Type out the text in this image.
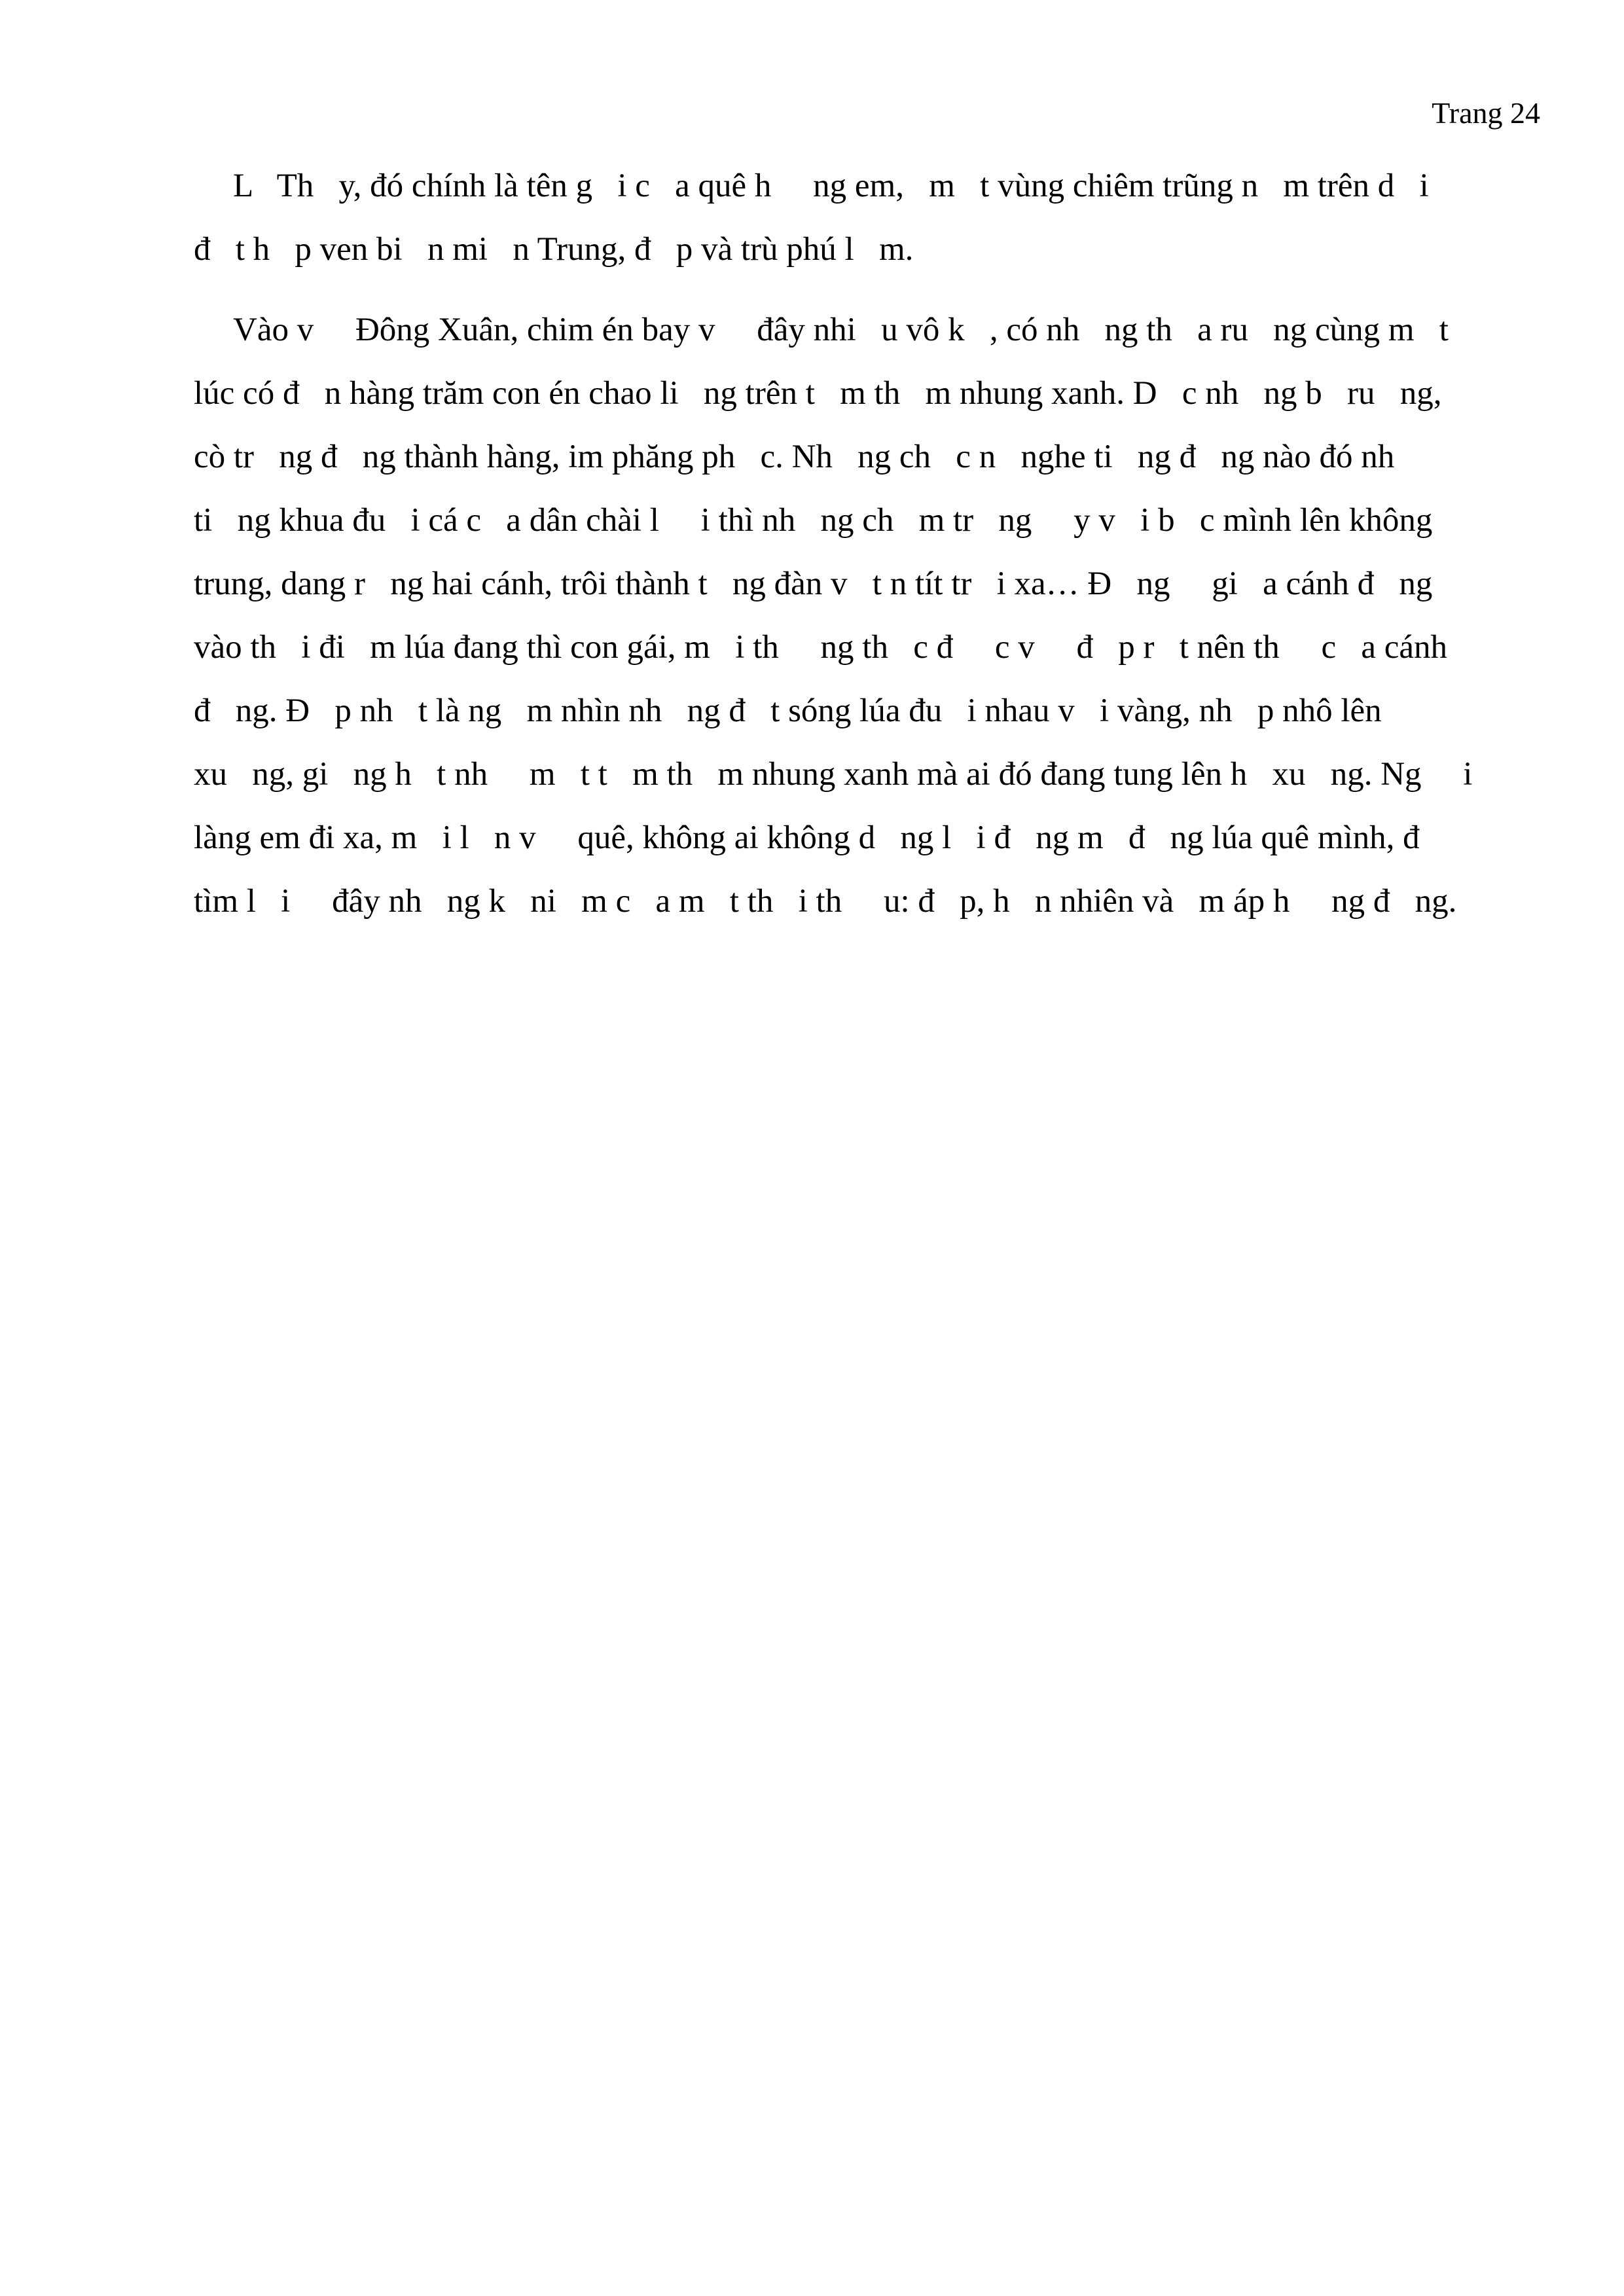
Trang 24

L   Th   y, đó chính là tên g   i c   a quê h     ng em,   m   t vùng chiêm trũng n   m trên d   i
đ   t h   p ven bi   n mi   n Trung, đ   p và trù phú l   m.

Vào v     Đông Xuân, chim én bay v     đây nhi   u vô k   , có nh   ng th   a ru   ng cùng m   t
lúc có đ   n hàng trăm con én chao li   ng trên t   m th   m nhung xanh. D   c nh   ng b   ru   ng,
cò tr   ng đ   ng thành hàng, im phăng ph   c. Nh   ng ch   c n   nghe ti   ng đ   ng nào đó nh
ti   ng khua đu   i cá c   a dân chài l     i thì nh   ng ch   m tr   ng     y v   i b   c mình lên không
trung, dang r   ng hai cánh, trôi thành t   ng đàn v   t n tít tr   i xa… Đ   ng     gi   a cánh đ   ng
vào th   i đi   m lúa đang thì con gái, m   i th     ng th   c đ     c v     đ   p r   t nên th     c   a cánh
đ   ng. Đ   p nh   t là ng   m nhìn nh   ng đ   t sóng lúa đu   i nhau v   i vàng, nh   p nhô lên
xu   ng, gi   ng h   t nh     m   t t   m th   m nhung xanh mà ai đó đang tung lên h   xu   ng. Ng     i
làng em đi xa, m   i l   n v     quê, không ai không d   ng l   i đ   ng m   đ   ng lúa quê mình, đ
tìm l   i     đây nh   ng k   ni   m c   a m   t th   i th     u: đ   p, h   n nhiên và   m áp h     ng đ   ng.
